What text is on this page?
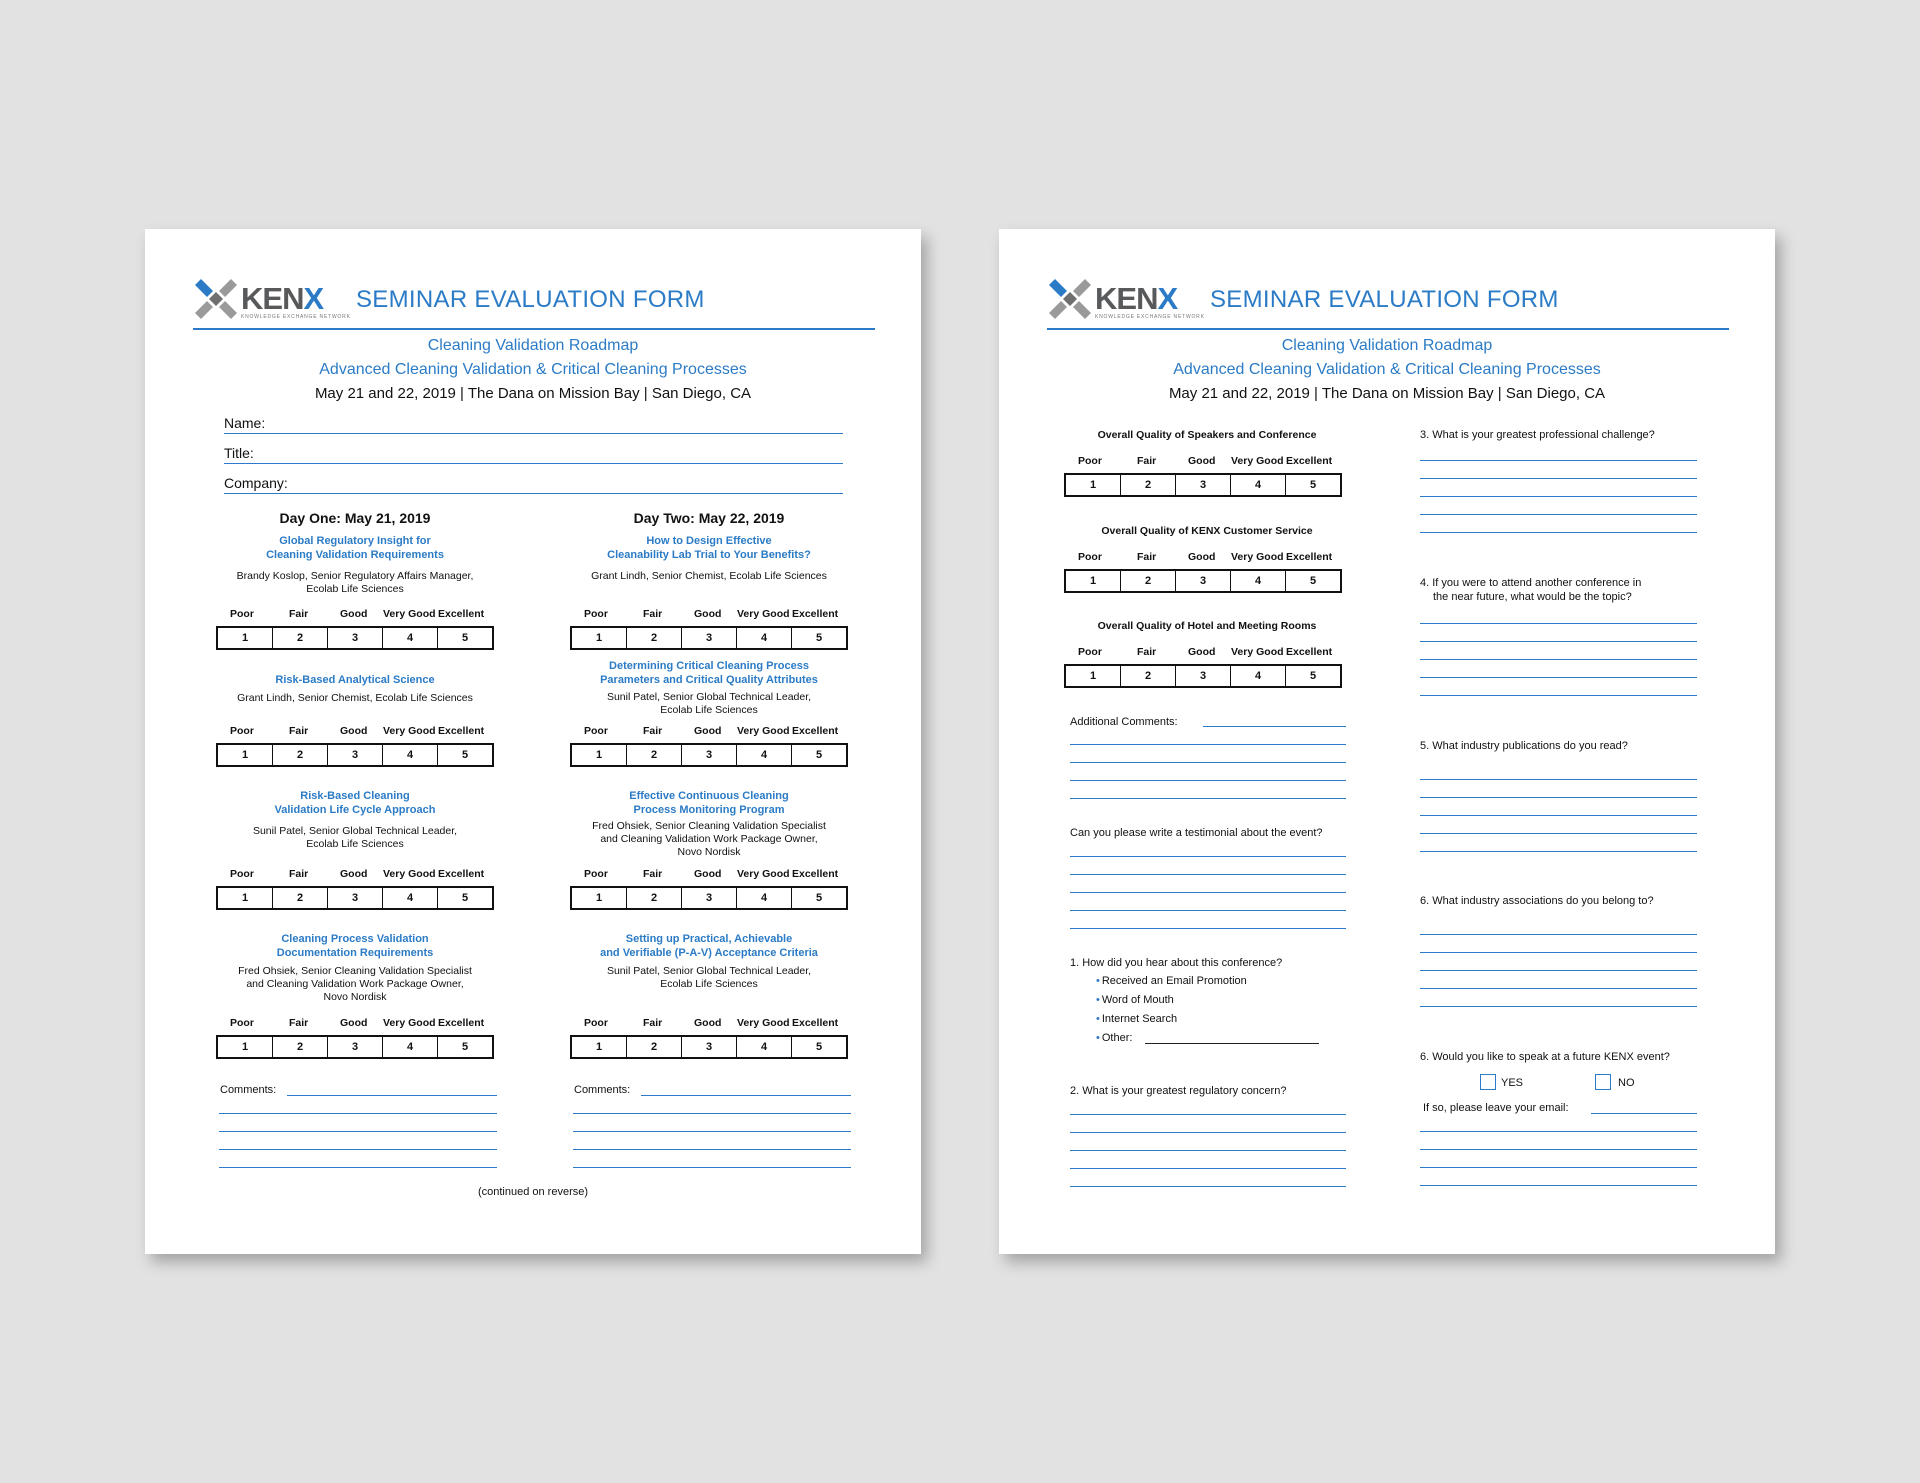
KENX
KNOWLEDGE EXCHANGE NETWORK
SEMINAR EVALUATION FORM
Cleaning Validation Roadmap
Advanced Cleaning Validation & Critical Cleaning Processes
May 21 and 22, 2019 | The Dana on Mission Bay | San Diego, CA
Name:
Title:
Company:
Day One: May 21, 2019	Day Two: May 22, 2019
Global Regulatory Insight for
Cleaning Validation Requirements
Brandy Koslop, Senior Regulatory Affairs Manager,
Ecolab Life Sciences
Risk-Based Analytical Science
Grant Lindh, Senior Chemist, Ecolab Life Sciences
Risk-Based Cleaning
Validation Life Cycle Approach
Sunil Patel, Senior Global Technical Leader,
Ecolab Life Sciences
Cleaning Process Validation
Documentation Requirements
Fred Ohsiek, Senior Cleaning Validation Specialist
and Cleaning Validation Work Package Owner,
Novo Nordisk
How to Design Effective
Cleanability Lab Trial to Your Benefits?
Grant Lindh, Senior Chemist, Ecolab Life Sciences
Determining Critical Cleaning Process
Parameters and Critical Quality Attributes
Sunil Patel, Senior Global Technical Leader,
Ecolab Life Sciences
Effective Continuous Cleaning
Process Monitoring Program
Fred Ohsiek, Senior Cleaning Validation Specialist
and Cleaning Validation Work Package Owner,
Novo Nordisk
Setting up Practical, Achievable
and Verifiable (P-A-V) Acceptance Criteria
Sunil Patel, Senior Global Technical Leader,
Ecolab Life Sciences
Poor	Fair	Good Very Good Excellent
1	2	3	4	5
Poor	Fair	Good Very Good Excellent
1	2	3	4	5
Poor	Fair	Good Very Good Excellent
1	2	3	4	5
Poor	Fair	Good Very Good Excellent
1	2	3	4	5
Poor	Fair	Good Very Good Excellent
1	2	3	4	5
Poor	Fair	Good Very Good Excellent
1	2	3	4	5
Poor	Fair	Good Very Good Excellent
1	2	3	4	5
Poor	Fair	Good Very Good Excellent
1	2	3	4	5
Comments:	Comments:
(continued on reverse)
KENX
KNOWLEDGE EXCHANGE NETWORK
SEMINAR EVALUATION FORM
Cleaning Validation Roadmap
Advanced Cleaning Validation & Critical Cleaning Processes
May 21 and 22, 2019 | The Dana on Mission Bay | San Diego, CA
Overall Quality of Speakers and Conference
Poor	Fair	Good Very Good Excellent
1	2	3	4	5
Overall Quality of KENX Customer Service
Poor	Fair	Good Very Good Excellent
1	2	3	4	5
Overall Quality of Hotel and Meeting Rooms
Poor	Fair	Good Very Good Excellent
1	2	3	4	5
Additional Comments:
Can you please write a testimonial about the event?
1. How did you hear about this conference?
• Received an Email Promotion
• Word of Mouth
• Internet Search
• Other:
2. What is your greatest regulatory concern?
3. What is your greatest professional challenge?
4. If you were to attend another conference in
the near future, what would be the topic?
5. What industry publications do you read?
6. What industry associations do you belong to?
6. Would you like to speak at a future KENX event?
YES	NO
If so, please leave your email:
